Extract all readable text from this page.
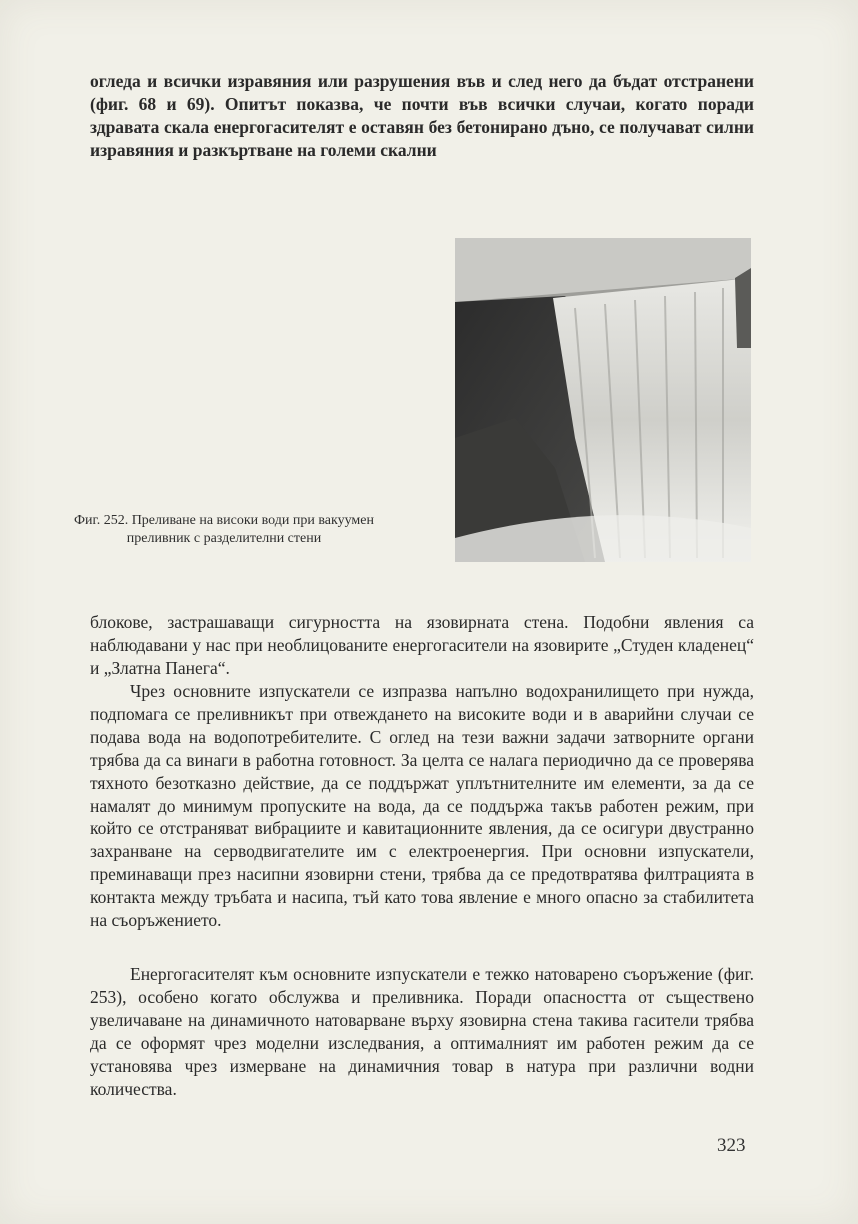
огледа и всички изравяния или разрушения във и след него да бъдат отстранени (фиг. 68 и 69). Опитът показва, че почти във всички случаи, когато поради здравата скала енергогасителят е оставян без бетонирано дъно, се получават силни изравяния и разкъртване на големи скални

Фиг. 252. Преливане на високи води при вакуумен преливник с разделителни стени

блокове, застрашаващи сигурността на язовирната стена. Подобни явления са наблюдавани у нас при необлицованите енергогасители на язовирите „Студен кладенец“ и „Златна Панега“.

Чрез основните изпускатели се изпразва напълно водохранилището при нужда, подпомага се преливникът при отвеждането на високите води и в аварийни случаи се подава вода на водопотребителите. С оглед на тези важни задачи затворните органи трябва да са винаги в работна готовност. За целта се налага периодично да се проверява тяхното безотказно действие, да се поддържат уплътнителните им елементи, за да се намалят до минимум пропуските на вода, да се поддържа такъв работен режим, при който се отстраняват вибрациите и кавитационните явления, да се осигури двустранно захранване на серводвигателите им с електроенергия. При основни изпускатели, преминаващи през насипни язовирни стени, трябва да се предотвратява филтрацията в контакта между тръбата и насипа, тъй като това явление е много опасно за стабилитета на съоръжението.

Енергогасителят към основните изпускатели е тежко натоварено съоръжение (фиг. 253), особено когато обслужва и преливника. Поради опасността от съществено увеличаване на динамичното натоварване върху язовирна стена такива гасители трябва да се оформят чрез моделни изследвания, а оптималният им работен режим да се установява чрез измерване на динамичния товар в натура при различни водни количества.

323
